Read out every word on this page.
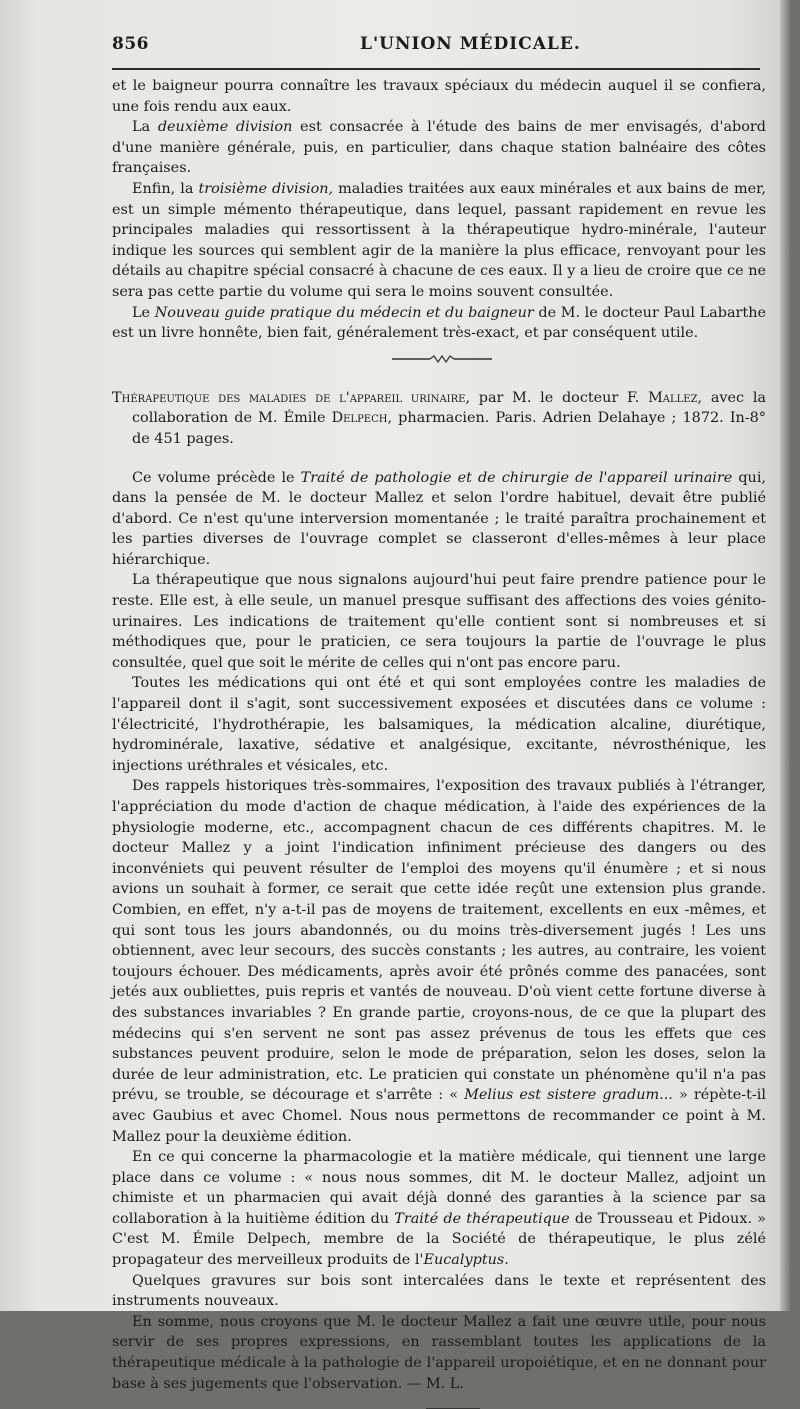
856	L'UNION MÉDICALE.

et le baigneur pourra connaître les travaux spéciaux du médecin auquel il se confiera, une fois rendu aux eaux.

La deuxième division est consacrée à l'étude des bains de mer envisagés, d'abord d'une manière générale, puis, en particulier, dans chaque station balnéaire des côtes françaises.

Enfin, la troisième division, maladies traitées aux eaux minérales et aux bains de mer, est un simple mémento thérapeutique, dans lequel, passant rapidement en revue les principales maladies qui ressortissent à la thérapeutique hydro-minérale, l'auteur indique les sources qui semblent agir de la manière la plus efficace, renvoyant pour les détails au chapitre spécial consacré à chacune de ces eaux. Il y a lieu de croire que ce ne sera pas cette partie du volume qui sera le moins souvent consultée.

Le Nouveau guide pratique du médecin et du baigneur de M. le docteur Paul Labarthe est un livre honnête, bien fait, généralement très-exact, et par conséquent utile.

Thérapeutique des maladies de l'appareil urinaire, par M. le docteur F. Mallez, avec la collaboration de M. Émile Delpech, pharmacien. Paris. Adrien Delahaye ; 1872. In-8° de 451 pages.

Ce volume précède le Traité de pathologie et de chirurgie de l'appareil urinaire qui, dans la pensée de M. le docteur Mallez et selon l'ordre habituel, devait être publié d'abord. Ce n'est qu'une interversion momentanée ; le traité paraîtra prochainement et les parties diverses de l'ouvrage complet se classeront d'elles-mêmes à leur place hiérarchique.

La thérapeutique que nous signalons aujourd'hui peut faire prendre patience pour le reste. Elle est, à elle seule, un manuel presque suffisant des affections des voies génito-urinaires. Les indications de traitement qu'elle contient sont si nombreuses et si méthodiques que, pour le praticien, ce sera toujours la partie de l'ouvrage le plus consultée, quel que soit le mérite de celles qui n'ont pas encore paru.

Toutes les médications qui ont été et qui sont employées contre les maladies de l'appareil dont il s'agit, sont successivement exposées et discutées dans ce volume : l'électricité, l'hydrothérapie, les balsamiques, la médication alcaline, diurétique, hydrominérale, laxative, sédative et analgésique, excitante, névrosthénique, les injections uréthrales et vésicales, etc.

Des rappels historiques très-sommaires, l'exposition des travaux publiés à l'étranger, l'appréciation du mode d'action de chaque médication, à l'aide des expériences de la physiologie moderne, etc., accompagnent chacun de ces différents chapitres. M. le docteur Mallez y a joint l'indication infiniment précieuse des dangers ou des inconvéniets qui peuvent résulter de l'emploi des moyens qu'il énumère ; et si nous avions un souhait à former, ce serait que cette idée reçût une extension plus grande. Combien, en effet, n'y a-t-il pas de moyens de traitement, excellents en eux -mêmes, et qui sont tous les jours abandonnés, ou du moins très-diversement jugés ! Les uns obtiennent, avec leur secours, des succès constants ; les autres, au contraire, les voient toujours échouer. Des médicaments, après avoir été prônés comme des panacées, sont jetés aux oubliettes, puis repris et vantés de nouveau. D'où vient cette fortune diverse à des substances invariables ? En grande partie, croyons-nous, de ce que la plupart des médecins qui s'en servent ne sont pas assez prévenus de tous les effets que ces substances peuvent produire, selon le mode de préparation, selon les doses, selon la durée de leur administration, etc. Le praticien qui constate un phénomène qu'il n'a pas prévu, se trouble, se décourage et s'arrête : « Melius est sistere gradum... » répète-t-il avec Gaubius et avec Chomel. Nous nous permettons de recommander ce point à M. Mallez pour la deuxième édition.

En ce qui concerne la pharmacologie et la matière médicale, qui tiennent une large place dans ce volume : « nous nous sommes, dit M. le docteur Mallez, adjoint un chimiste et un pharmacien qui avait déjà donné des garanties à la science par sa collaboration à la huitième édition du Traité de thérapeutique de Trousseau et Pidoux. » C'est M. Émile Delpech, membre de la Société de thérapeutique, le plus zélé propagateur des merveilleux produits de l'Eucalyptus.

Quelques gravures sur bois sont intercalées dans le texte et représentent des instruments nouveaux.

En somme, nous croyons que M. le docteur Mallez a fait une œuvre utile, pour nous servir de ses propres expressions, en rassemblant toutes les applications de la thérapeutique médicale à la pathologie de l'appareil uropoiétique, et en ne donnant pour base à ses jugements que l'observation. — M. L.
